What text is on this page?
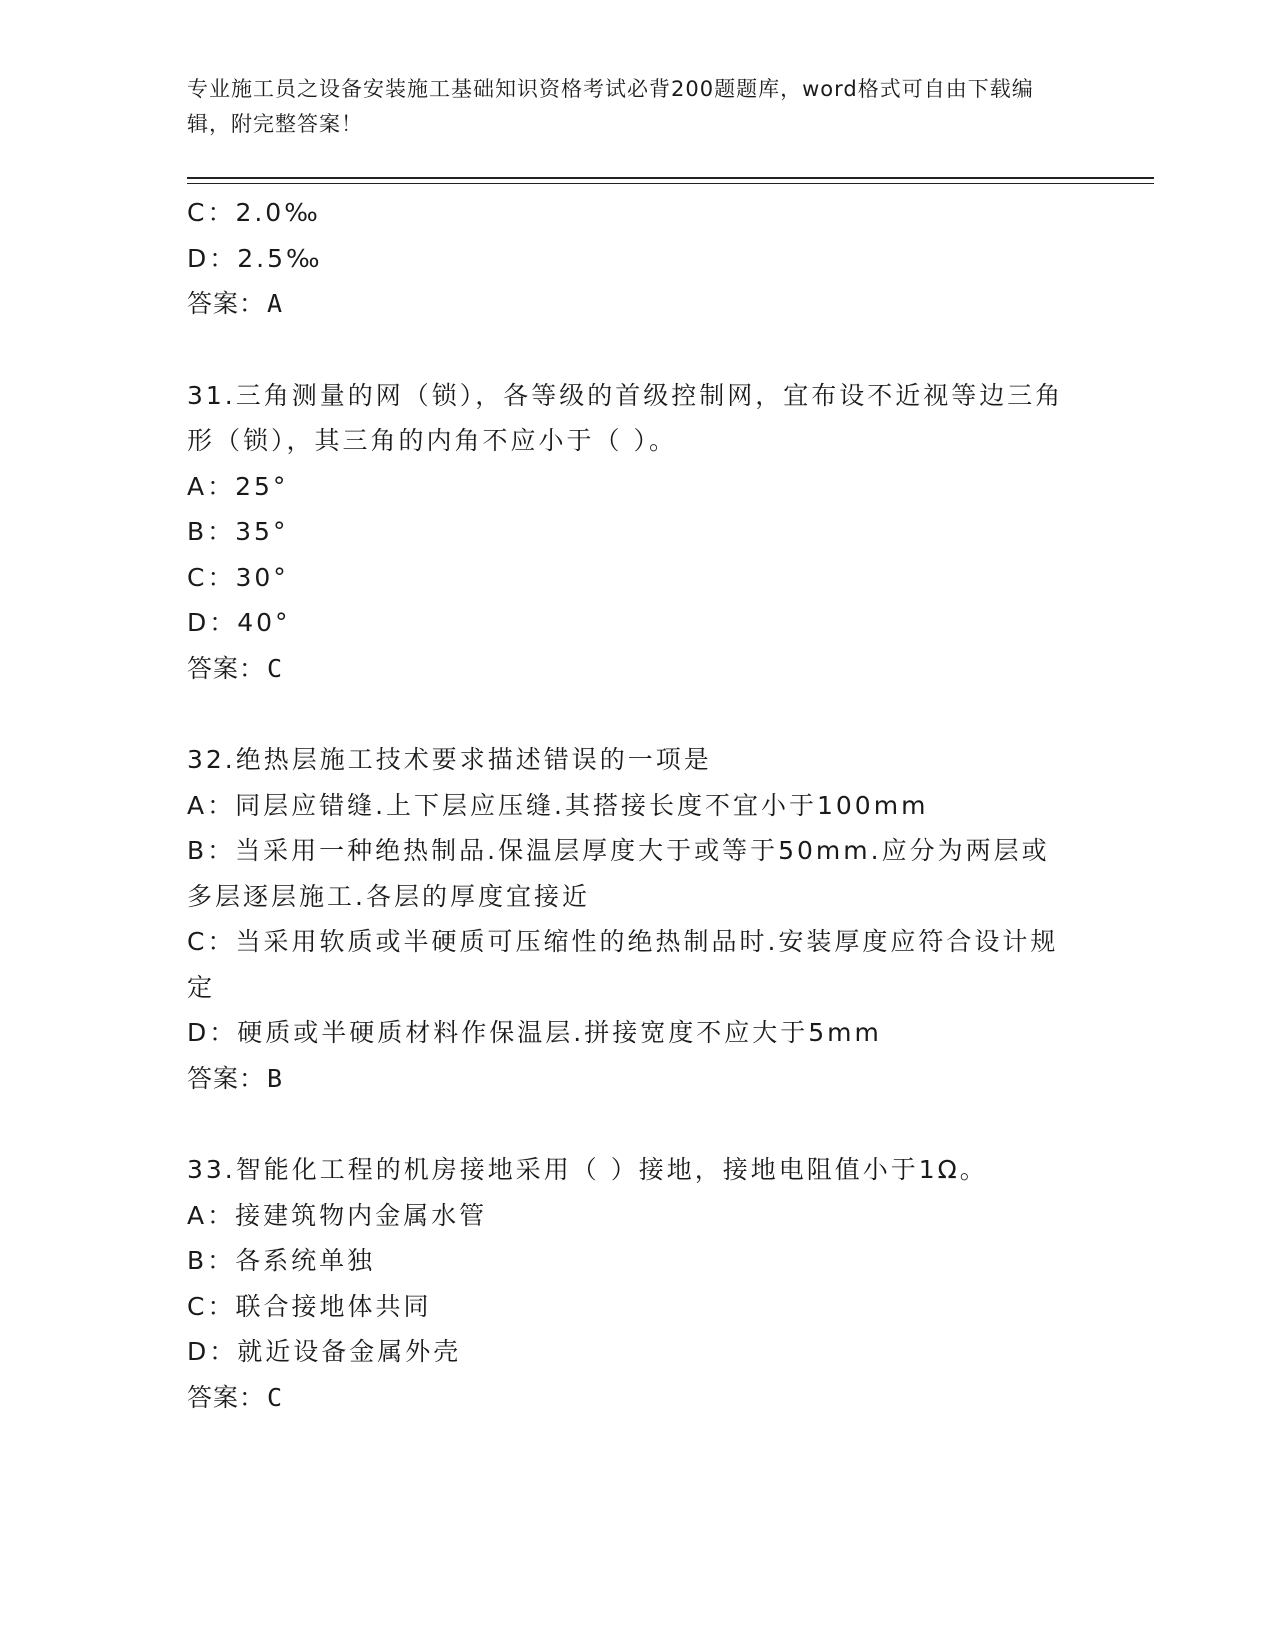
专业施工员之设备安装施工基础知识资格考试必背200题题库，word格式可自由下载编辑，附完整答案！
C：2.0‰
D：2.5‰
答案：A
31.三角测量的网（锁），各等级的首级控制网，宜布设不近视等边三角形（锁），其三角的内角不应小于（ ）。
A：25°
B：35°
C：30°
D：40°
答案：C
32.绝热层施工技术要求描述错误的一项是
A：同层应错缝.上下层应压缝.其搭接长度不宜小于100mm
B：当采用一种绝热制品.保温层厚度大于或等于50mm.应分为两层或多层逐层施工.各层的厚度宜接近
C：当采用软质或半硬质可压缩性的绝热制品时.安装厚度应符合设计规定
D：硬质或半硬质材料作保温层.拼接宽度不应大于5mm
答案：B
33.智能化工程的机房接地采用（ ）接地，接地电阻值小于1Ω。
A：接建筑物内金属水管
B：各系统单独
C：联合接地体共同
D：就近设备金属外壳
答案：C
